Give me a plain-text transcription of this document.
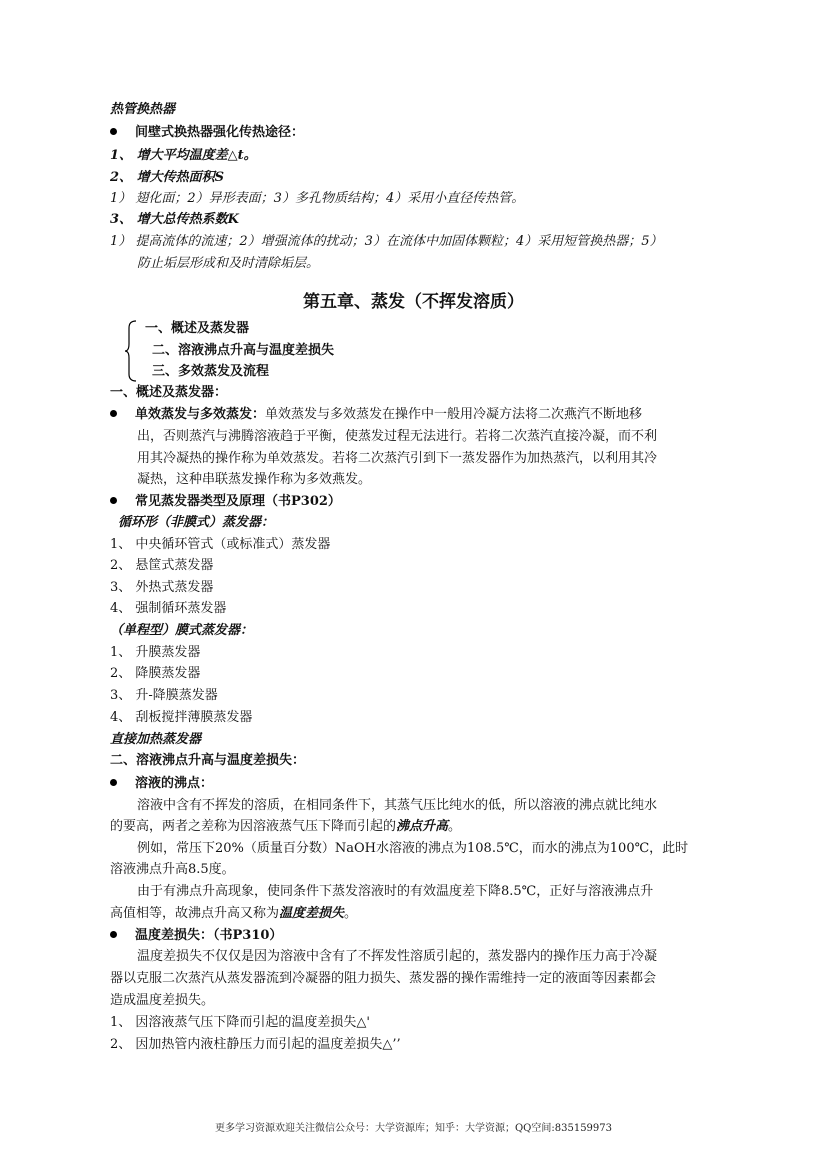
热管换热器
间壁式换热器强化传热途径：
1、 增大平均温度差△t。
2、 增大传热面积S
1） 翅化面；2）异形表面；3）多孔物质结构；4）采用小直径传热管。
3、 增大总传热系数K
1） 提高流体的流速；2）增强流体的扰动；3）在流体中加固体颗粒；4）采用短管换热器；5）
防止垢层形成和及时清除垢层。
第五章、蒸发（不挥发溶质）
一、概述及蒸发器
二、溶液沸点升高与温度差损失
三、多效蒸发及流程
一、概述及蒸发器：
单效蒸发与多效蒸发：单效蒸发与多效蒸发在操作中一般用冷凝方法将二次燕汽不断地移
出，否则蒸汽与沸腾溶液趋于平衡，使蒸发过程无法进行。若将二次蒸汽直接冷凝，而不利
用其冷凝热的操作称为单效蒸发。若将二次蒸汽引到下一蒸发器作为加热蒸汽，以利用其冷
凝热，这种串联蒸发操作称为多效燕发。
常见蒸发器类型及原理（书P302）
循环形（非膜式）蒸发器：
1、 中央循环管式（或标准式）蒸发器
2、 悬筐式蒸发器
3、 外热式蒸发器
4、 强制循环蒸发器
（单程型）膜式蒸发器：
1、 升膜蒸发器
2、 降膜蒸发器
3、 升-降膜蒸发器
4、 刮板搅拌薄膜蒸发器
直接加热蒸发器
二、溶液沸点升高与温度差损失：
溶液的沸点：
溶液中含有不挥发的溶质，在相同条件下，其蒸气压比纯水的低，所以溶液的沸点就比纯水
的要高，两者之差称为因溶液蒸气压下降而引起的沸点升高。
例如，常压下20%（质量百分数）NaOH水溶液的沸点为108.5℃，而水的沸点为100℃，此时
溶液沸点升高8.5度。
由于有沸点升高现象，使同条件下蒸发溶液时的有效温度差下降8.5℃，正好与溶液沸点升
高值相等，故沸点升高又称为温度差损失。
温度差损失：（书P310）
温度差损失不仅仅是因为溶液中含有了不挥发性溶质引起的，蒸发器内的操作压力高于冷凝
器以克服二次蒸汽从蒸发器流到冷凝器的阻力损失、蒸发器的操作需维持一定的液面等因素都会
造成温度差损失。
1、 因溶液蒸气压下降而引起的温度差损失△'
2、 因加热管内液柱静压力而引起的温度差损失△’’
更多学习资源欢迎关注微信公众号：大学资源库；知乎：大学资源；QQ空间:835159973
